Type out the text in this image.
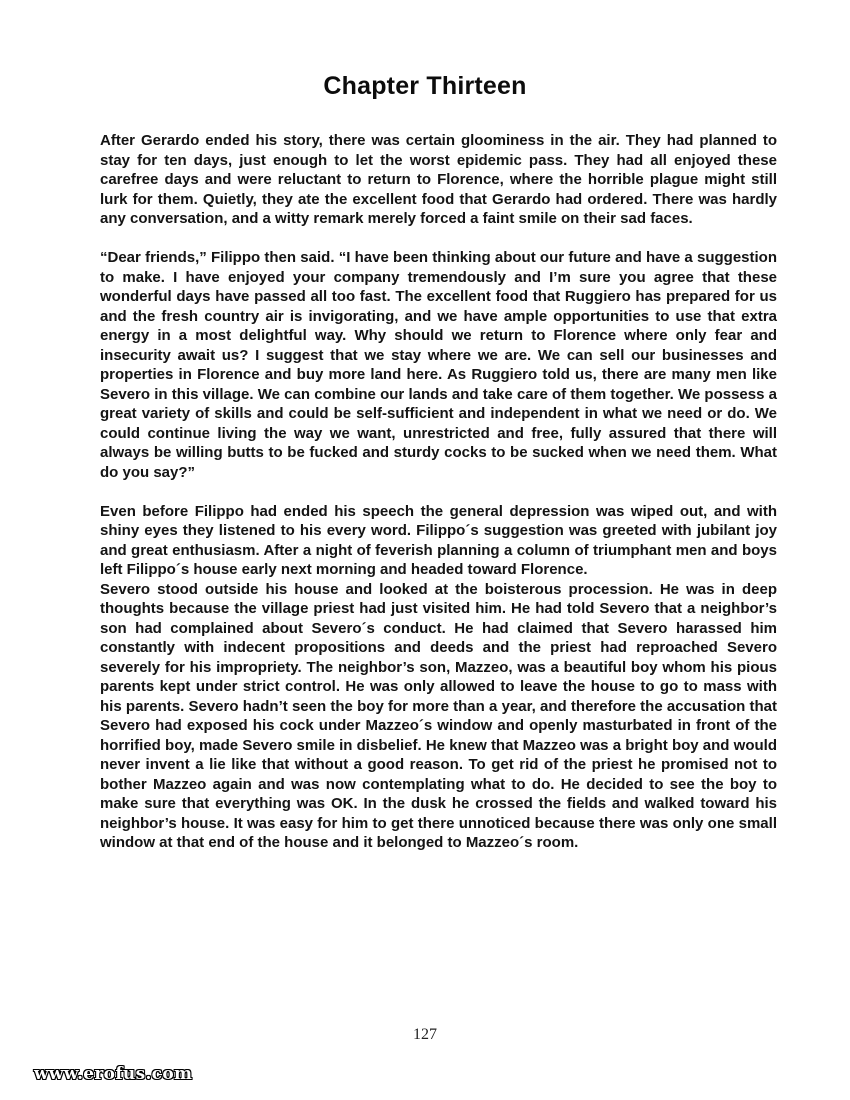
Chapter Thirteen

After Gerardo ended his story, there was certain gloominess in the air. They had planned to stay for ten days, just enough to let the worst epidemic pass. They had all enjoyed these carefree days and were reluctant to return to Florence, where the horrible plague might still lurk for them. Quietly, they ate the excellent food that Gerardo had ordered. There was hardly any conversation, and a witty remark merely forced a faint smile on their sad faces.

“Dear friends,” Filippo then said. “I have been thinking about our future and have a suggestion to make. I have enjoyed your company tremendously and I’m sure you agree that these wonderful days have passed all too fast. The excellent food that Ruggiero has prepared for us and the fresh country air is invigorating, and we have ample opportunities to use that extra energy in a most delightful way. Why should we return to Florence where only fear and insecurity await us? I suggest that we stay where we are. We can sell our businesses and properties in Florence and buy more land here. As Ruggiero told us, there are many men like Severo in this village. We can combine our lands and take care of them together. We possess a great variety of skills and could be self-sufficient and independent in what we need or do. We could continue living the way we want, unrestricted and free, fully assured that there will always be willing butts to be fucked and sturdy cocks to be sucked when we need them. What do you say?”

Even before Filippo had ended his speech the general depression was wiped out, and with shiny eyes they listened to his every word. Filippo´s suggestion was greeted with jubilant joy and great enthusiasm. After a night of feverish planning a column of triumphant men and boys left Filippo´s house early next morning and headed toward Florence.

Severo stood outside his house and looked at the boisterous procession. He was in deep thoughts because the village priest had just visited him. He had told Severo that a neighbor’s son had complained about Severo´s conduct. He had claimed that Severo harassed him constantly with indecent propositions and deeds and the priest had reproached Severo severely for his impropriety. The neighbor’s son, Mazzeo, was a beautiful boy whom his pious parents kept under strict control. He was only allowed to leave the house to go to mass with his parents. Severo hadn’t seen the boy for more than a year, and therefore the accusation that Severo had exposed his cock under Mazzeo´s window and openly masturbated in front of the horrified boy, made Severo smile in disbelief. He knew that Mazzeo was a bright boy and would never invent a lie like that without a good reason. To get rid of the priest he promised not to bother Mazzeo again and was now contemplating what to do. He decided to see the boy to make sure that everything was OK. In the dusk he crossed the fields and walked toward his neighbor’s house. It was easy for him to get there unnoticed because there was only one small window at that end of the house and it belonged to Mazzeo´s room.

127
www.erofus.com
